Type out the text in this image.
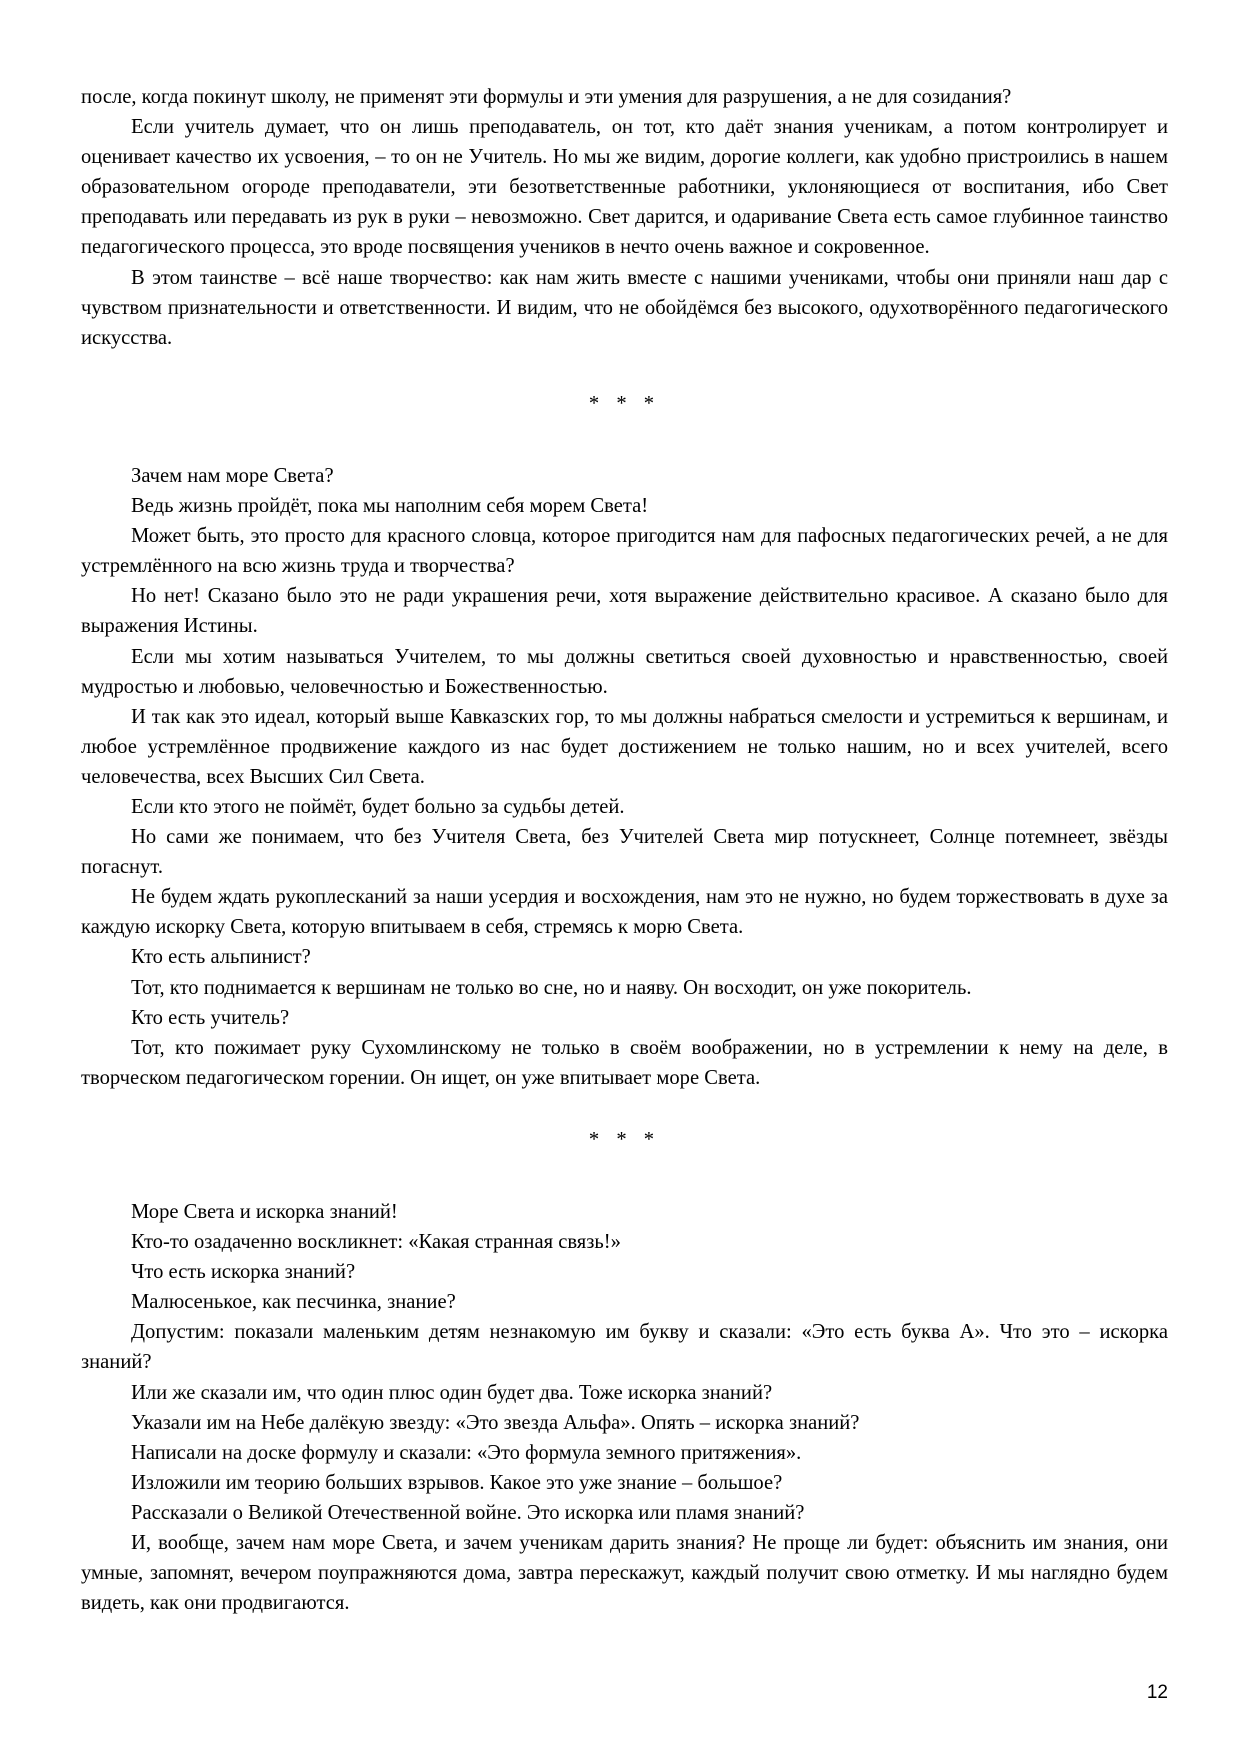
после, когда покинут школу, не применят эти формулы и эти умения для разрушения, а не для созидания?

Если учитель думает, что он лишь преподаватель, он тот, кто даёт знания ученикам, а потом контролирует и оценивает качество их усвоения, – то он не Учитель. Но мы же видим, дорогие коллеги, как удобно пристроились в нашем образовательном огороде преподаватели, эти безответственные работники, уклоняющиеся от воспитания, ибо Свет преподавать или передавать из рук в руки – невозможно. Свет дарится, и одаривание Света есть самое глубинное таинство педагогического процесса, это вроде посвящения учеников в нечто очень важное и сокровенное.

В этом таинстве – всё наше творчество: как нам жить вместе с нашими учениками, чтобы они приняли наш дар с чувством признательности и ответственности. И видим, что не обойдёмся без высокого, одухотворённого педагогического искусства.

* * *

Зачем нам море Света?

Ведь жизнь пройдёт, пока мы наполним себя морем Света!

Может быть, это просто для красного словца, которое пригодится нам для пафосных педагогических речей, а не для устремлённого на всю жизнь труда и творчества?

Но нет! Сказано было это не ради украшения речи, хотя выражение действительно красивое. А сказано было для выражения Истины.

Если мы хотим называться Учителем, то мы должны светиться своей духовностью и нравственностью, своей мудростью и любовью, человечностью и Божественностью.

И так как это идеал, который выше Кавказских гор, то мы должны набраться смелости и устремиться к вершинам, и любое устремлённое продвижение каждого из нас будет достижением не только нашим, но и всех учителей, всего человечества, всех Высших Сил Света.

Если кто этого не поймёт, будет больно за судьбы детей.

Но сами же понимаем, что без Учителя Света, без Учителей Света мир потускнеет, Солнце потемнеет, звёзды погаснут.

Не будем ждать рукоплесканий за наши усердия и восхождения, нам это не нужно, но будем торжествовать в духе за каждую искорку Света, которую впитываем в себя, стремясь к морю Света.

Кто есть альпинист?

Тот, кто поднимается к вершинам не только во сне, но и наяву. Он восходит, он уже покоритель.

Кто есть учитель?

Тот, кто пожимает руку Сухомлинскому не только в своём воображении, но в устремлении к нему на деле, в творческом педагогическом горении. Он ищет, он уже впитывает море Света.

* * *

Море Света и искорка знаний!

Кто-то озадаченно воскликнет: «Какая странная связь!»

Что есть искорка знаний?

Малюсенькое, как песчинка, знание?

Допустим: показали маленьким детям незнакомую им букву и сказали: «Это есть буква А». Что это – искорка знаний?

Или же сказали им, что один плюс один будет два. Тоже искорка знаний?

Указали им на Небе далёкую звезду: «Это звезда Альфа». Опять – искорка знаний?

Написали на доске формулу и сказали: «Это формула земного притяжения».

Изложили им теорию больших взрывов. Какое это уже знание – большое?

Рассказали о Великой Отечественной войне. Это искорка или пламя знаний?

И, вообще, зачем нам море Света, и зачем ученикам дарить знания? Не проще ли будет: объяснить им знания, они умные, запомнят, вечером поупражняются дома, завтра перескажут, каждый получит свою отметку. И мы наглядно будем видеть, как они продвигаются.

12
